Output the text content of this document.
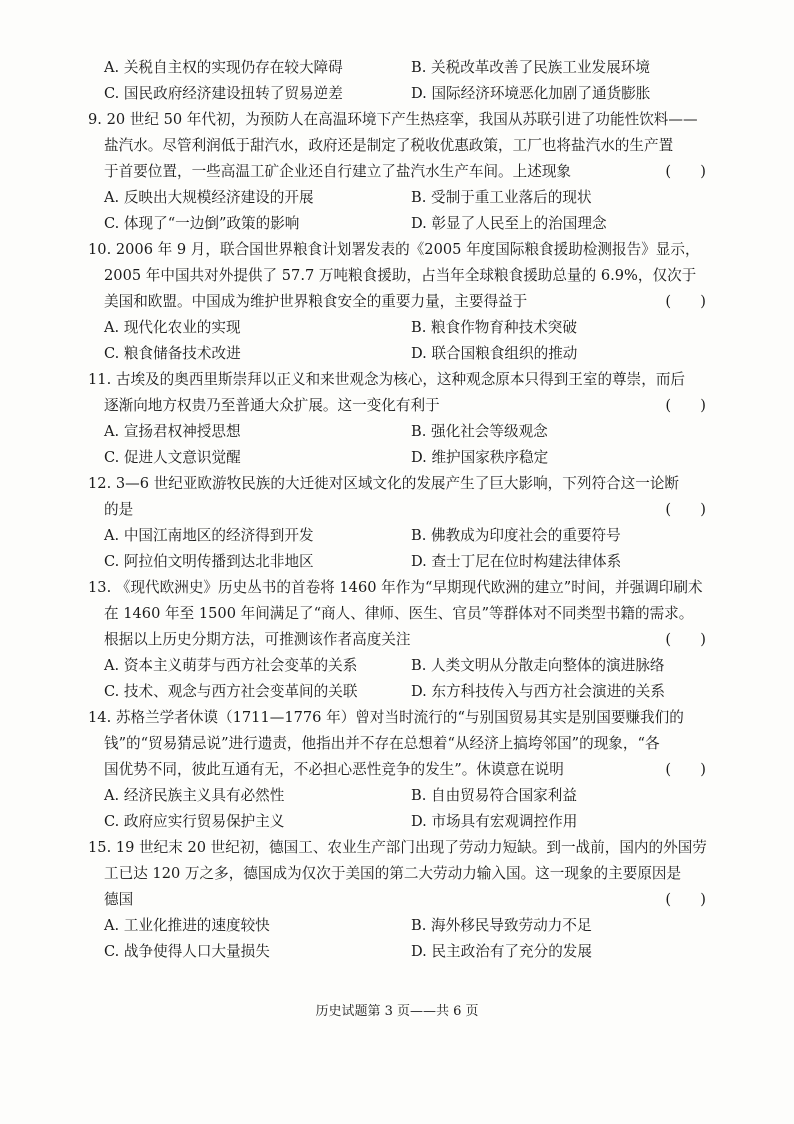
A. 关税自主权的实现仍存在较大障碍	B. 关税改革改善了民族工业发展环境
C. 国民政府经济建设扭转了贸易逆差	D. 国际经济环境恶化加剧了通货膨胀
9. 20 世纪 50 年代初，为预防人在高温环境下产生热痉挛，我国从苏联引进了功能性饮料——
盐汽水。尽管利润低于甜汽水，政府还是制定了税收优惠政策，工厂也将盐汽水的生产置
于首要位置，一些高温工矿企业还自行建立了盐汽水生产车间。上述现象	(　　)
A. 反映出大规模经济建设的开展	B. 受制于重工业落后的现状
C. 体现了“一边倒”政策的影响	D. 彰显了人民至上的治国理念
10. 2006 年 9 月，联合国世界粮食计划署发表的《2005 年度国际粮食援助检测报告》显示，
2005 年中国共对外提供了 57.7 万吨粮食援助，占当年全球粮食援助总量的 6.9%，仅次于
美国和欧盟。中国成为维护世界粮食安全的重要力量，主要得益于	(　　)
A. 现代化农业的实现	B. 粮食作物育种技术突破
C. 粮食储备技术改进	D. 联合国粮食组织的推动
11. 古埃及的奥西里斯崇拜以正义和来世观念为核心，这种观念原本只得到王室的尊崇，而后
逐渐向地方权贵乃至普通大众扩展。这一变化有利于	(　　)
A. 宣扬君权神授思想	B. 强化社会等级观念
C. 促进人文意识觉醒	D. 维护国家秩序稳定
12. 3—6 世纪亚欧游牧民族的大迁徙对区域文化的发展产生了巨大影响，下列符合这一论断
的是	(　　)
A. 中国江南地区的经济得到开发	B. 佛教成为印度社会的重要符号
C. 阿拉伯文明传播到达北非地区	D. 查士丁尼在位时构建法律体系
13. 《现代欧洲史》历史丛书的首卷将 1460 年作为“早期现代欧洲的建立”时间，并强调印刷术
在 1460 年至 1500 年间满足了“商人、律师、医生、官员”等群体对不同类型书籍的需求。
根据以上历史分期方法，可推测该作者高度关注	(　　)
A. 资本主义萌芽与西方社会变革的关系	B. 人类文明从分散走向整体的演进脉络
C. 技术、观念与西方社会变革间的关联	D. 东方科技传入与西方社会演进的关系
14. 苏格兰学者休谟（1711—1776 年）曾对当时流行的“与别国贸易其实是别国要赚我们的
钱”的“贸易猜忌说”进行遗责，他指出并不存在总想着“从经济上搞垮邻国”的现象，“各
国优势不同，彼此互通有无，不必担心恶性竞争的发生”。休谟意在说明	(　　)
A. 经济民族主义具有必然性	B. 自由贸易符合国家利益
C. 政府应实行贸易保护主义	D. 市场具有宏观调控作用
15. 19 世纪末 20 世纪初，德国工、农业生产部门出现了劳动力短缺。到一战前，国内的外国劳
工已达 120 万之多，德国成为仅次于美国的第二大劳动力输入国。这一现象的主要原因是
德国	(　　)
A. 工业化推进的速度较快	B. 海外移民导致劳动力不足
C. 战争使得人口大量损失	D. 民主政治有了充分的发展
历史试题第 3 页——共 6 页
